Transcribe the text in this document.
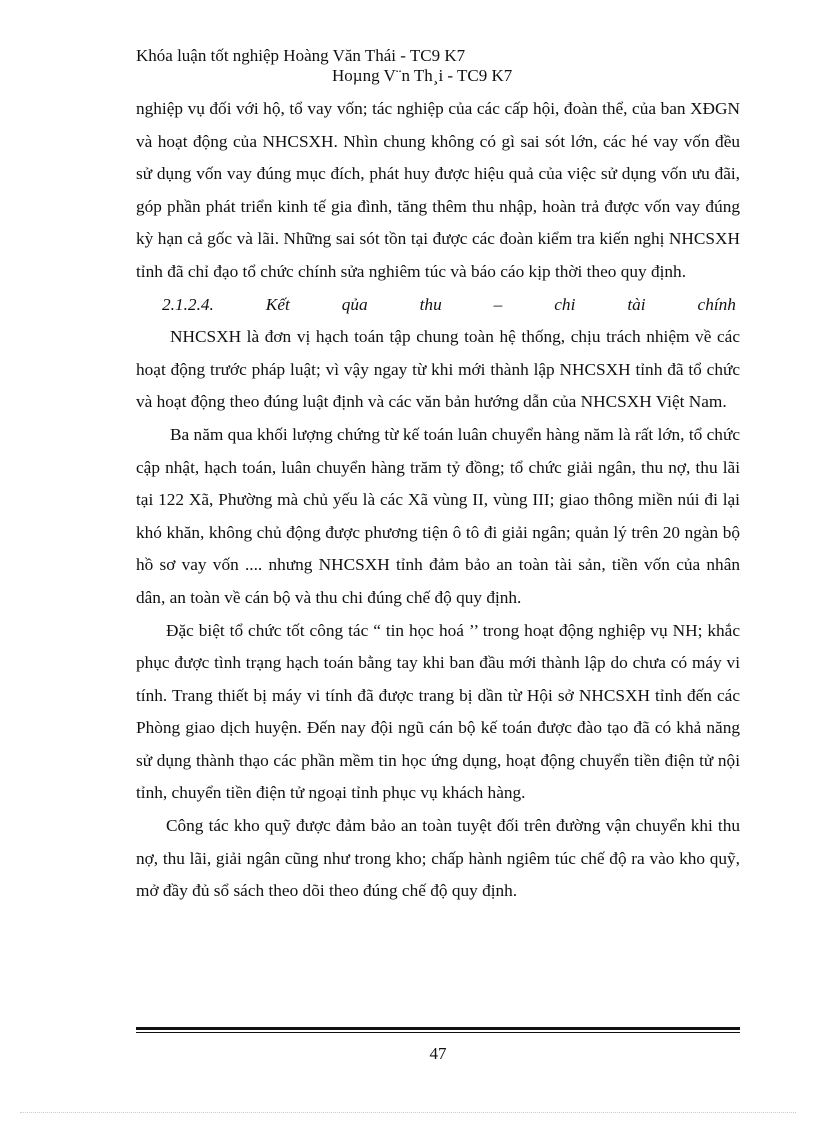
Khóa luận tốt nghiệp Hoàng Văn Thái - TC9 K7
Hoµng V¨n Th¸i - TC9 K7

nghiệp vụ đối với hộ, tổ vay vốn; tác nghiệp của các cấp hội, đoàn thể, của ban XĐGN và hoạt động của NHCSXH. Nhìn chung không có gì sai sót lớn, các hé vay vốn đều sử dụng vốn vay đúng mục đích, phát huy được hiệu quả của việc sử dụng vốn ưu đãi, góp phần phát triển kinh tế gia đình, tăng thêm thu nhập, hoàn trả được vốn vay đúng kỳ hạn cả gốc và lãi. Những sai sót tồn tại được các đoàn kiểm tra kiến nghị NHCSXH tỉnh đã chỉ đạo tổ chức chính sửa nghiêm túc và báo cáo kịp thời theo quy định.

2.1.2.4.	Kết	qủa	thu	–	chi	tài	chính

NHCSXH là đơn vị hạch toán tập chung toàn hệ thống, chịu trách nhiệm về các hoạt động trước pháp luật; vì vậy ngay từ khi mới thành lập NHCSXH tỉnh đã tổ chức và hoạt động theo đúng luật định và các văn bản hướng dẫn của NHCSXH Việt Nam.

Ba năm qua khối lượng chứng từ kế toán luân chuyển hàng năm là rất lớn, tổ chức cập nhật, hạch toán, luân chuyển hàng trăm tỷ đồng; tổ chức giải ngân, thu nợ, thu lãi tại 122 Xã, Phường mà chủ yếu là các Xã vùng II, vùng III; giao thông miền núi đi lại khó khăn, không chủ động được phương tiện ô tô đi giải ngân; quản lý trên 20 ngàn bộ hồ sơ vay vốn .... nhưng NHCSXH tỉnh đảm bảo an toàn tài sản, tiền vốn của nhân dân, an toàn về cán bộ và thu chi đúng chế độ quy định.

Đặc biệt tổ chức tốt công tác “ tin học hoá ’’ trong hoạt động nghiệp vụ NH; khắc phục được tình trạng hạch toán bằng tay khi ban đầu mới thành lập do chưa có máy vi tính. Trang thiết bị máy vi tính đã được trang bị dần từ Hội sở NHCSXH tỉnh đến các Phòng giao dịch huyện. Đến nay đội ngũ cán bộ kế toán được đào tạo đã có khả năng sử dụng thành thạo các phần mềm tin học ứng dụng, hoạt động chuyển tiền điện tử nội tỉnh, chuyển tiền điện tử ngoại tỉnh phục vụ khách hàng.

Công tác kho quỹ được đảm bảo an toàn tuyệt đối trên đường vận chuyển khi thu nợ, thu lãi, giải ngân cũng như trong kho; chấp hành ngiêm túc chế độ ra vào kho quỹ, mở đầy đủ sổ sách theo dõi theo đúng chế độ quy định.

47
